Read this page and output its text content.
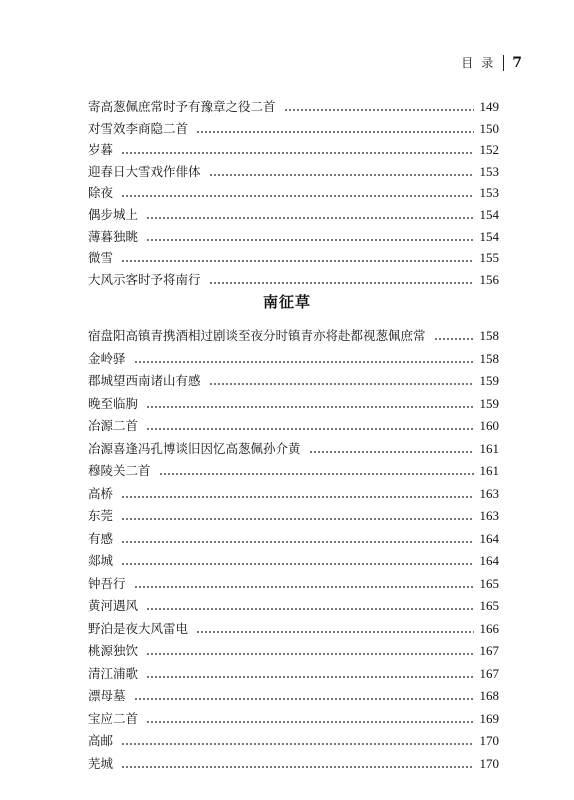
目录 7
寄高葱佩庶常时予有豫章之役二首	149
对雪效李商隐二首	150
岁暮	152
迎春日大雪戏作俳体	153
除夜	153
偶步城上	154
薄暮独眺	154
微雪	155
大风示客时予将南行	156
宿盘阳高镇青携酒相过剧谈至夜分时镇青亦将赴都视葱佩庶常	158
金岭驿	158
郡城望西南诸山有感	159
晚至临朐	159
冶源二首	160
冶源喜逢冯孔博谈旧因忆高葱佩孙介黄	161
穆陵关二首	161
高桥	163
东莞	163
有感	164
郯城	164
钟吾行	165
黄河遇风	165
野泊是夜大风雷电	166
桃源独饮	167
清江浦歌	167
漂母墓	168
宝应二首	169
高邮	170
芜城	170
南征草
